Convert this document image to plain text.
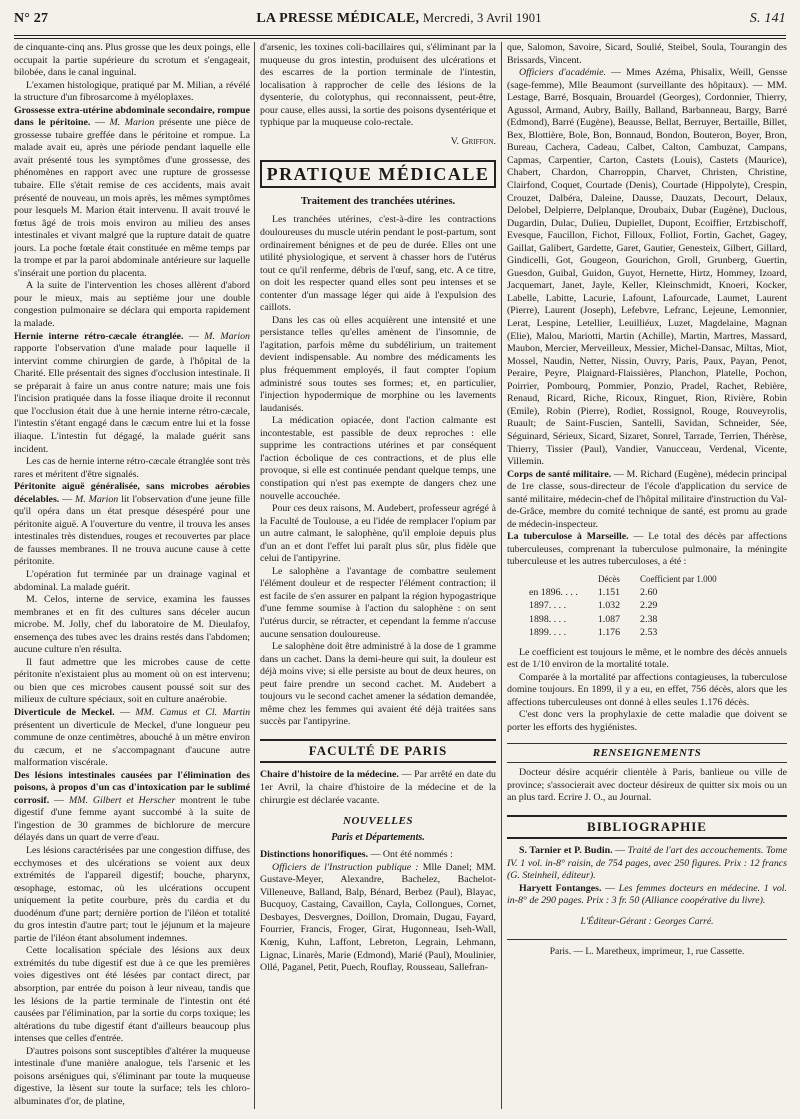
N° 27	LA PRESSE MÉDICALE, Mercredi, 3 Avril 1901	S. 141

de cinquante-cinq ans. Plus grosse que les deux poings, elle occupait la partie supérieure du scrotum et s'engageait, bilobée, dans le canal inguinal.

L'examen histologique, pratiqué par M. Milian, a révélé la structure d'un fibrosarcome à myéloplaxes.

Grossesse extra-utérine abdominale secondaire, rompue dans le péritoine. — M. Marion présente une pièce de grossesse tubaire greffée dans le péritoine et rompue. La malade avait eu, après une période pendant laquelle elle avait présenté tous les symptômes d'une grossesse, des phénomènes en rapport avec une rupture de grossesse tubaire. Elle s'était remise de ces accidents, mais avait présenté de nouveau, un mois après, les mêmes symptômes pour lesquels M. Marion était intervenu. Il avait trouvé le fœtus âgé de trois mois environ au milieu des anses intestinales et vivant malgré que la rupture datait de quatre jours. La poche fœtale était constituée en même temps par la trompe et par la paroi abdominale antérieure sur laquelle s'insérait une portion du placenta.

A la suite de l'intervention les choses allèrent d'abord pour le mieux, mais au septième jour une double congestion pulmonaire se déclara qui emporta rapidement la malade.

Hernie interne rétro-cæcale étranglée. — M. Marion rapporte l'observation d'une malade pour laquelle il intervint comme chirurgien de garde, à l'hôpital de la Charité. Elle présentait des signes d'occlusion intestinale. Il se préparait à faire un anus contre nature; mais une fois l'incision pratiquée dans la fosse iliaque droite il reconnut que l'occlusion était due à une hernie interne rétro-cæcale, l'intestin s'étant engagé dans le cæcum entre lui et la fosse iliaque. L'intestin fut dégagé, la malade guérit sans incident.

Les cas de hernie interne rétro-cæcale étranglée sont très rares et méritent d'être signalés.

Péritonite aiguë généralisée, sans microbes aérobies décelables. — M. Marion lit l'observation d'une jeune fille qu'il opéra dans un état presque désespéré pour une péritonite aiguë. A l'ouverture du ventre, il trouva les anses intestinales très distendues, rouges et recouvertes par place de fausses membranes. Il ne trouva aucune cause à cette péritonite.

L'opération fut terminée par un drainage vaginal et abdominal. La malade guérit.

M. Celos, interne de service, examina les fausses membranes et en fit des cultures sans déceler aucun microbe. M. Jolly, chef du laboratoire de M. Dieulafoy, ensemença des tubes avec les drains restés dans l'abdomen; aucune culture n'en résulta.

Il faut admettre que les microbes cause de cette péritonite n'existaient plus au moment où on est intervenu; ou bien que ces microbes causent poussé soit sur des milieux de culture spéciaux, soit en culture anaérobie.

Diverticule de Meckel. — MM. Camus et Cl. Martin présentent un diverticule de Meckel, d'une longueur peu commune de onze centimètres, abouché à un mètre environ du cæcum, et ne s'accompagnant d'aucune autre malformation viscérale.

Des lésions intestinales causées par l'élimination des poisons, à propos d'un cas d'intoxication par le sublimé corrosif. — MM. Gilbert et Herscher montrent le tube digestif d'une femme ayant succombé à la suite de l'ingestion de 30 grammes de bichlorure de mercure délayés dans un quart de verre d'eau.

Les lésions caractérisées par une congestion diffuse, des ecchymoses et des ulcérations se voient aux deux extrémités de l'appareil digestif; bouche, pharynx, œsophage, estomac, où les ulcérations occupent uniquement la petite courbure, près du cardia et du duodénum d'une part; dernière portion de l'iléon et totalité du gros intestin d'autre part; tout le jéjunum et la majeure partie de l'iléon étant absolument indemnes.

Cette localisation spéciale des lésions aux deux extrémités du tube digestif est due à ce que les premières voies digestives ont été lésées par contact direct, par absorption, par entrée du poison à leur niveau, tandis que les lésions de la partie terminale de l'intestin ont été causées par l'élimination, par la sortie du corps toxique; les altérations du tube digestif étant d'ailleurs beaucoup plus intenses que celles d'entrée.

D'autres poisons sont susceptibles d'altérer la muqueuse intestinale d'une manière analogue, tels l'arsenic et les poisons arsénigues qui, s'éliminant par toute la muqueuse digestive, la lèsent sur toute la surface; tels les chloro-albuminates d'or, de platine,

d'arsenic, les toxines coli-bacillaires qui, s'éliminant par la muqueuse du gros intestin, produisent des ulcérations et des escarres de la portion terminale de l'intestin, localisation à rapprocher de celle des lésions de la dysenterie, du colotyphus, qui reconnaissent, peut-être, pour cause, elles aussi, la sortie des poisons dysentérique et typhique par la muqueuse colo-rectale.

V. Griffon.
PRATIQUE MÉDICALE
Traitement des tranchées utérines.

Les tranchées utérines, c'est-à-dire les contractions douloureuses du muscle utérin pendant le post-partum, sont ordinairement bénignes et de peu de durée. Elles ont une utilité physiologique, et servent à chasser hors de l'utérus tout ce qu'il renferme, débris de l'œuf, sang, etc. A ce titre, on doit les respecter quand elles sont peu intenses et se contenter d'un massage léger qui aide à l'expulsion des caillots.

Dans les cas où elles acquièrent une intensité et une persistance telles qu'elles amènent de l'insomnie, de l'agitation, parfois même du subdélirium, un traitement devient indispensable. Au nombre des médicaments les plus fréquemment employés, il faut compter l'opium administré sous toutes ses formes; et, en particulier, l'injection hypodermique de morphine ou les lavements laudanisés.

La médication opiacée, dont l'action calmante est incontestable, est passible de deux reproches : elle supprime les contractions utérines et par conséquent l'action écbolique de ces contractions, et de plus elle provoque, si elle est continuée pendant quelque temps, une constipation qui n'est pas exempte de dangers chez une nouvelle accouchée.

Pour ces deux raisons, M. Audebert, professeur agrégé à la Faculté de Toulouse, a eu l'idée de remplacer l'opium par un autre calmant, le salophène, qu'il emploie depuis plus d'un an et dont l'effet lui paraît plus sûr, plus fidèle que celui de l'antipyrine.

Le salophène a l'avantage de combattre seulement l'élément douleur et de respecter l'élément contraction; il est facile de s'en assurer en palpant la région hypogastrique d'une femme soumise à l'action du salophène : on sent l'utérus durcir, se rétracter, et cependant la femme n'accuse aucune sensation douloureuse.

Le salophène doit être administré à la dose de 1 gramme dans un cachet. Dans la demi-heure qui suit, la douleur est déjà moins vive; si elle persiste au bout de deux heures, on peut faire prendre un second cachet. M. Audebert a toujours vu le second cachet amener la sédation demandée, même chez les femmes qui avaient été déjà traitées sans succès par l'antipyrine.

FACULTÉ DE PARIS

Chaire d'histoire de la médecine. — Par arrêté en date du 1er Avril, la chaire d'histoire de la médecine et de la chirurgie est déclarée vacante.

NOUVELLES
Paris et Départements.

Distinctions honorifiques. — Ont été nommés :

Officiers de l'Instruction publique : Mlle Danel; MM. Gustave-Meyer, Alexandre, Bachelez, Bachelot-Villeneuve, Balland, Balp, Bénard, Berbez (Paul), Blayac, Bucquoy, Castaing, Cavaillon, Cayla, Collongues, Cornet, Desbayes, Desvergnes, Doillon, Dromain, Dugau, Fayard, Fourrier, Francis, Froger, Girat, Hugonneau, Iseh-Wall, Kœnig, Kuhn, Laffont, Lebreton, Legrain, Lehmann, Lignac, Linarès, Marie (Edmond), Marié (Paul), Moulinier, Ollé, Paganel, Petit, Puech, Rouflay, Rousseau, Sallefran-

que, Salomon, Savoire, Sicard, Soulié, Steibel, Soula, Tourangin des Brissards, Vincent.

Officiers d'académie. — Mmes Azéma, Phisalix, Weill, Gensse (sage-femme), Mlle Beaumont (surveillante des hôpitaux). — MM. Lestage, Barré, Bosquain, Brouardel (Georges), Cordonnier, Thierry, Agussol, Armand, Aubry, Bailly, Balland, Barbanneau, Bargy, Barré (Edmond), Barré (Eugène), Beausse, Bellat, Berruyer, Bertaille, Billet, Bex, Blottière, Bole, Bon, Bonnaud, Bondon, Bouteron, Boyer, Bron, Bureau, Cachera, Cadeau, Calbet, Calton, Cambuzat, Campans, Capmas, Carpentier, Carton, Castets (Louis), Castets (Maurice), Chabert, Chardon, Charroppin, Charvet, Christen, Christine, Clairfond, Coquet, Courtade (Denis), Courtade (Hippolyte), Crespin, Crouzet, Dalbéra, Daleine, Dausse, Dauzats, Decourt, Delaux, Delobel, Delpierre, Delplanque, Droubaix, Dubar (Eugène), Duclous, Dugardin, Dulac, Dulieu, Dupiellet, Dupont, Ecoiffier, Ertzbischoff, Evesque, Faucillon, Fichot, Filloux, Folliot, Fortin, Gachet, Gagey, Gaillat, Galibert, Gardette, Garet, Gautier, Genesteix, Gilbert, Gillard, Gindicelli, Got, Gougeon, Gourichon, Groll, Grunberg, Guertin, Guesdon, Guibal, Guidon, Guyot, Hernette, Hirtz, Hommey, Izoard, Jacquemart, Janet, Jayle, Keller, Kleinschmidt, Knoeri, Kocker, Labelle, Labitte, Lacurie, Lafount, Lafourcade, Laumet, Laurent (Pierre), Laurent (Joseph), Lefebvre, Lefranc, Lejeune, Lemonnier, Lerat, Lespine, Letellier, Leuilliéux, Luzet, Magdelaine, Magnan (Elie), Malou, Mariotti, Martin (Achille), Martin, Martres, Massard, Maubon, Mercier, Merveilleux, Messier, Michel-Dansac, Miltas, Miot, Mossel, Naudin, Netter, Nissin, Ouvry, Paris, Paux, Payan, Penot, Peraire, Peyre, Plaignard-Flaissières, Planchon, Platelle, Pochon, Poirrier, Pombourq, Pommier, Ponzio, Pradel, Rachet, Rebière, Renaud, Ricard, Riche, Ricoux, Ringuet, Rion, Rivière, Robin (Emile), Robin (Pierre), Rodiet, Rossignol, Rouge, Rouveyrolis, Ruault; de Saint-Fuscien, Santelli, Savidan, Schneider, Sée, Séguinard, Sérieux, Sicard, Sizaret, Sonrel, Tarrade, Terrien, Thérèse, Thierry, Tissier (Paul), Vandier, Vanucceau, Verdenal, Vicente, Villemin.

Corps de santé militaire. — M. Richard (Eugène), médecin principal de 1re classe, sous-directeur de l'école d'application du service de santé militaire, médecin-chef de l'hôpital militaire d'instruction du Val-de-Grâce, membre du comité technique de santé, est promu au grade de médecin-inspecteur.

La tuberculose à Marseille. — Le total des décès par affections tuberculeuses, comprenant la tuberculose pulmonaire, la méningite tuberculeuse et les autres tuberculoses, a été :

	Décès	Coefficient par 1.000
en 1896. . . .	1.151	2.60
1897. . . .	1.032	2.29
1898. . . .	1.087	2.38
1899. . . .	1.176	2.53

Le coefficient est toujours le même, et le nombre des décès annuels est de 1/10 environ de la mortalité totale.

Comparée à la mortalité par affections contagieuses, la tuberculose domine toujours. En 1899, il y a eu, en effet, 756 décès, alors que les affections tuberculeuses ont donné à elles seules 1.176 décès.

C'est donc vers la prophylaxie de cette maladie que doivent se porter les efforts des hygiénistes.

RENSEIGNEMENTS

Docteur désire acquérir clientèle à Paris, banlieue ou ville de province; s'associerait avec docteur désireux de quitter six mois ou un an plus tard. Ecrire J. O., au Journal.

BIBLIOGRAPHIE

S. Tarnier et P. Budin. — Traité de l'art des accouchements. Tome IV. 1 vol. in-8° raisin, de 754 pages, avec 250 figures. Prix : 12 francs (G. Steinheil, éditeur).

Haryett Fontanges. — Les femmes docteurs en médecine. 1 vol. in-8° de 290 pages. Prix : 3 fr. 50 (Alliance coopérative du livre).

L'Éditeur-Gérant : Georges Carré.
Paris. — L. Maretheux, imprimeur, 1, rue Cassette.
